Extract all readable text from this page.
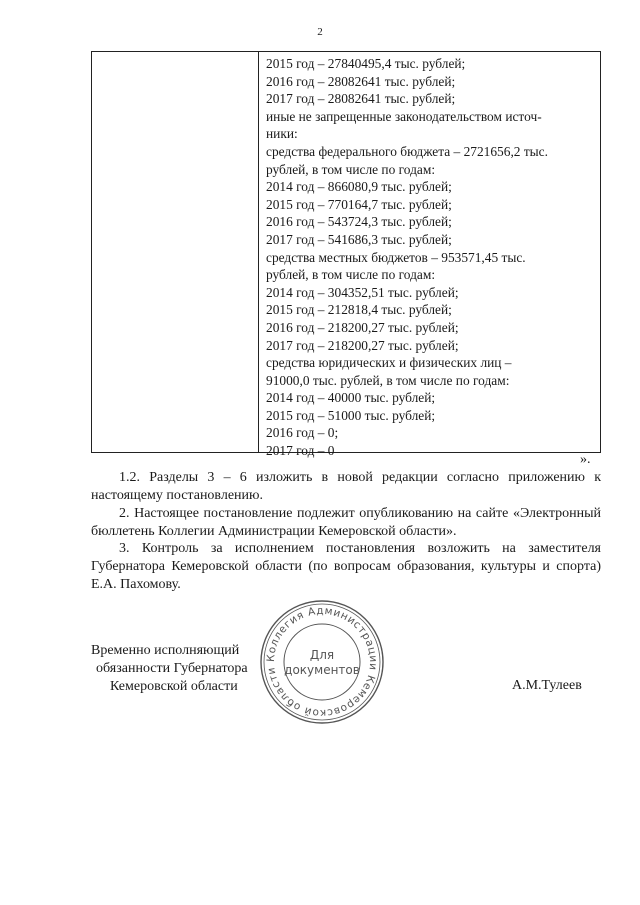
2
2015 год – 27840495,4 тыс. рублей;
2016 год – 28082641 тыс. рублей;
2017 год – 28082641 тыс. рублей;
иные не запрещенные законодательством источ-
ники:
средства федерального бюджета – 2721656,2 тыс.
рублей, в том числе по годам:
2014 год – 866080,9 тыс. рублей;
2015 год – 770164,7 тыс. рублей;
2016 год – 543724,3 тыс. рублей;
2017 год – 541686,3 тыс. рублей;
средства местных бюджетов – 953571,45 тыс.
рублей, в том числе по годам:
2014 год – 304352,51 тыс. рублей;
2015 год – 212818,4 тыс. рублей;
2016 год – 218200,27 тыс. рублей;
2017 год – 218200,27 тыс. рублей;
средства юридических и физических лиц –
91000,0 тыс. рублей, в том числе по годам:
2014 год – 40000 тыс. рублей;
2015 год – 51000 тыс. рублей;
2016 год – 0;
2017 год – 0
».
1.2. Разделы 3 – 6 изложить в новой редакции согласно приложению к настоящему постановлению.
2. Настоящее постановление подлежит опубликованию на сайте «Электронный бюллетень Коллегии Администрации Кемеровской области».
3. Контроль за исполнением постановления возложить на заместителя Губернатора Кемеровской области (по вопросам образования, культуры и спорта) Е.А. Пахомову.
Временно исполняющий
обязанности Губернатора
Кемеровской области
Коллегия Администрации Кемеровской области
Для
документов
А.М.Тулеев
